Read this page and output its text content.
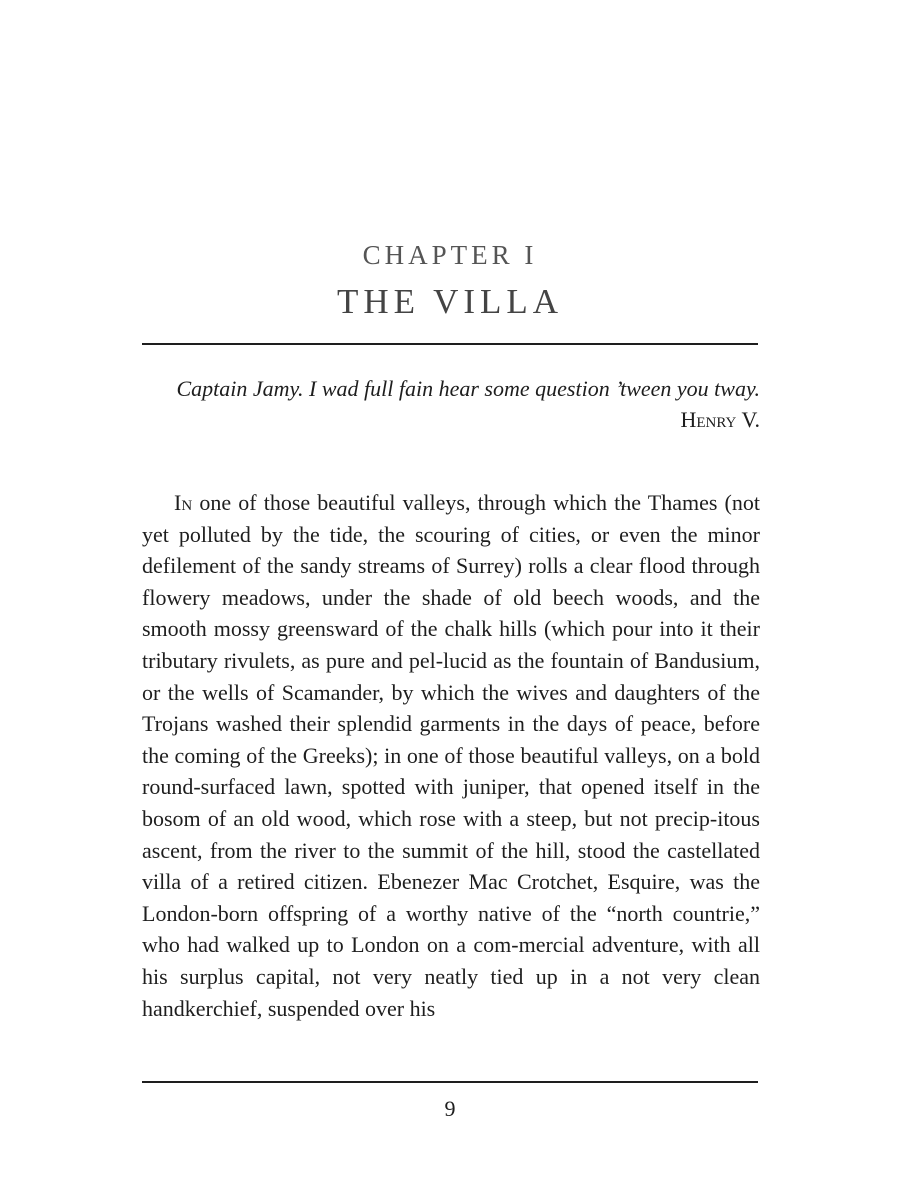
CHAPTER I
THE VILLA

Captain Jamy. I wad full fain hear some question ’tween you tway.

Henry V.

In one of those beautiful valleys, through which the Thames (not yet polluted by the tide, the scouring of cities, or even the minor defilement of the sandy streams of Surrey) rolls a clear flood through flowery meadows, under the shade of old beech woods, and the smooth mossy greensward of the chalk hills (which pour into it their tributary rivulets, as pure and pel-lucid as the fountain of Bandusium, or the wells of Scamander, by which the wives and daughters of the Trojans washed their splendid garments in the days of peace, before the coming of the Greeks); in one of those beautiful valleys, on a bold round-surfaced lawn, spotted with juniper, that opened itself in the bosom of an old wood, which rose with a steep, but not precip-itous ascent, from the river to the summit of the hill, stood the castellated villa of a retired citizen. Ebenezer Mac Crotchet, Esquire, was the London-born offspring of a worthy native of the “north countrie,” who had walked up to London on a com-mercial adventure, with all his surplus capital, not very neatly tied up in a not very clean handkerchief, suspended over his

9
